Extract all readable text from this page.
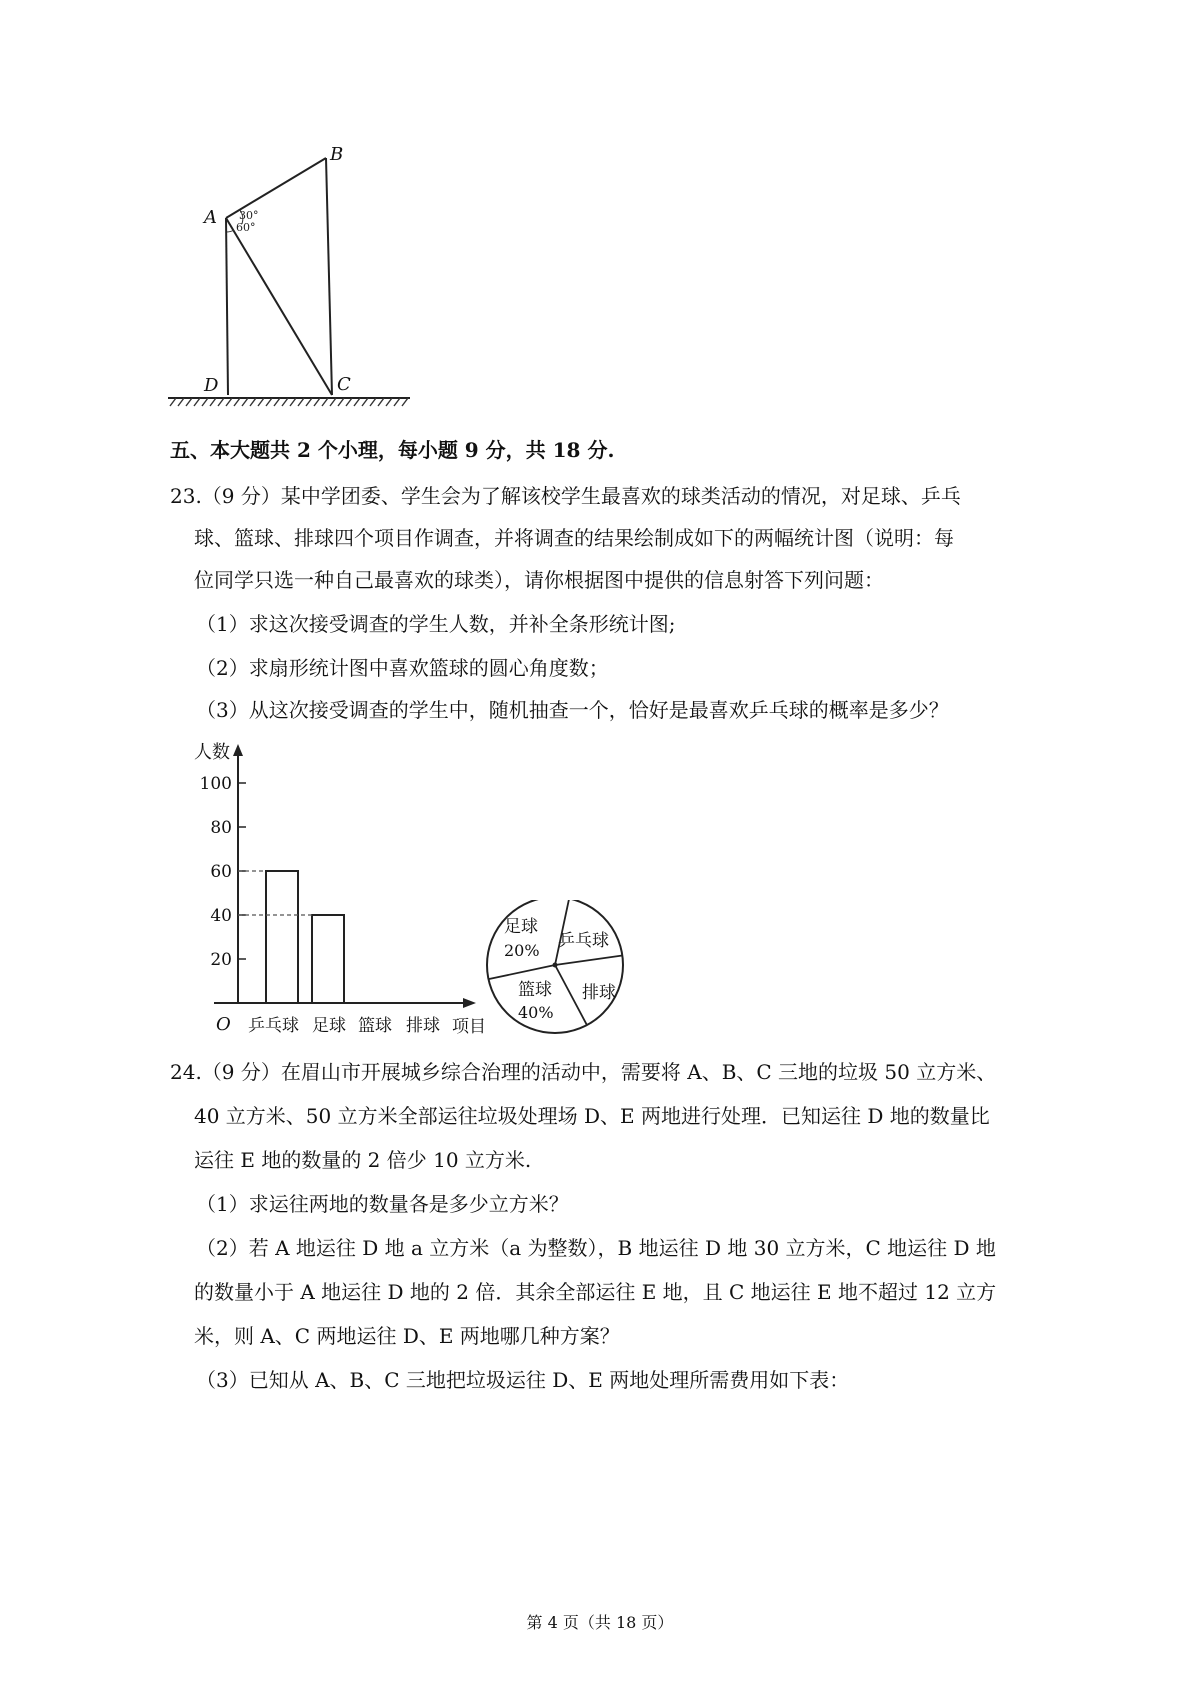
30°
60°
A
B
C
D
五、本大题共 2 个小理，每小题 9 分，共 18 分.
23.（9 分）某中学团委、学生会为了解该校学生最喜欢的球类活动的情况，对足球、乒乓
球、篮球、排球四个项目作调查，并将调查的结果绘制成如下的两幅统计图（说明：每
位同学只选一种自己最喜欢的球类），请你根据图中提供的信息射答下列问题：
（1）求这次接受调查的学生人数，并补全条形统计图;
（2）求扇形统计图中喜欢篮球的圆心角度数；
（3）从这次接受调查的学生中，随机抽查一个，恰好是最喜欢乒乓球的概率是多少？
人数
O	项目
20
40
60
80
100
乒乓球 足球 篮球 排球
足球
20% 乒乓球
篮球
40%
排球
24.（9 分）在眉山市开展城乡综合治理的活动中，需要将 A、B、C 三地的垃圾 50 立方米、
40 立方米、50 立方米全部运往垃圾处理场 D、E 两地进行处理．已知运往 D 地的数量比
运往 E 地的数量的 2 倍少 10 立方米.
（1）求运往两地的数量各是多少立方米？
（2）若 A 地运往 D 地 a 立方米（a 为整数），B 地运往 D 地 30 立方米，C 地运往 D 地
的数量小于 A 地运往 D 地的 2 倍．其余全部运往 E 地，且 C 地运往 E 地不超过 12 立方
米，则 A、C 两地运往 D、E 两地哪几种方案？
（3）已知从 A、B、C 三地把垃圾运往 D、E 两地处理所需费用如下表：
第 4 页（共 18 页）
